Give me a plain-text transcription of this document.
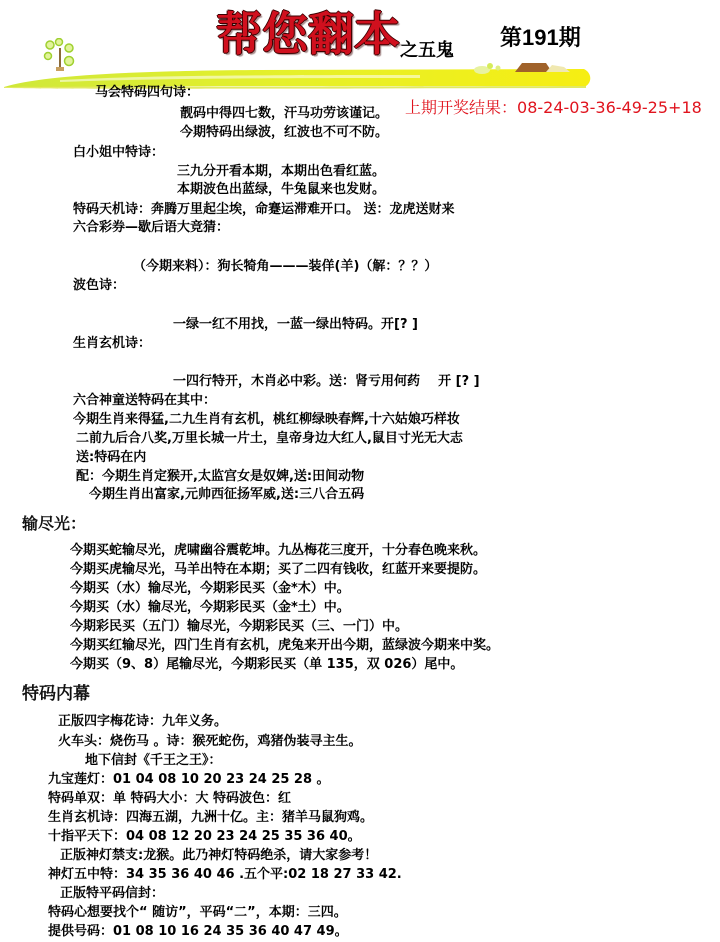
帮您翻本 之五鬼
第191期
上期开奖结果：08-24-03-36-49-25+18
马会特码四句诗：
靓码中得四七数，汗马功劳该谨记。
今期特码出绿波，红波也不可不防。
白小姐中特诗：
三九分开看本期，本期出色看红蓝。
本期波色出蓝绿，牛兔鼠来也发财。
特码天机诗：奔腾万里起尘埃，命蹇运滞难开口。 送：龙虎送财来
六合彩券—歇后语大竞猜：
（今期来料）：狗长犄角———装佯(羊)（解：？？）
波色诗：
一绿一红不用找，一蓝一绿出特码。开[? ]
生肖玄机诗：
一四行特开，木肖必中彩。送：肾亏用何药    开 [? ]
六合神童送特码在其中：
今期生肖来得猛,二九生肖有玄机，桃红柳绿映春辉,十六姑娘巧样妆
二前九后合八奖,万里长城一片土，皇帝身边大红人,鼠目寸光无大志
送:特码在内
配：今期生肖定猴开,太监宫女是奴婢,送:田间动物
今期生肖出富家,元帅西征扬军威,送:三八合五码
输尽光：
今期买蛇输尽光，虎啸幽谷震乾坤。九丛梅花三度开，十分春色晚来秋。
今期买虎输尽光，马羊出特在本期；买了二四有钱收，红蓝开来要提防。
今期买（水）输尽光，今期彩民买（金*木）中。
今期买（水）输尽光，今期彩民买（金*土）中。
今期彩民买（五门）输尽光，今期彩民买（三、一门）中。
今期买红输尽光，四门生肖有玄机，虎兔来开出今期，蓝绿波今期来中奖。
今期买（9、8）尾输尽光，今期彩民买（单 135，双 026）尾中。
特码内幕
正版四字梅花诗：九年义务。
火车头：烧伤马 。诗：猴死蛇伤，鸡猪伪装寻主生。
地下信封《千王之王》：
九宝莲灯：01 04 08 10 20 23 24 25 28 。
特码单双：单 特码大小：大 特码波色：红
生肖玄机诗：四海五湖，九洲十亿。主：猪羊马鼠狗鸡。
十指平天下：04 08 12 20 23 24 25 35 36 40。
正版神灯禁支:龙猴。此乃神灯特码绝杀，请大家参考！
神灯五中特：34 35 36 40 46 .五个平:02 18 27 33 42.
正版特平码信封：
特码心想要找个“ 随访”，平码“二”，本期：三四。
提供号码：01 08 10 16 24 35 36 40 47 49。
